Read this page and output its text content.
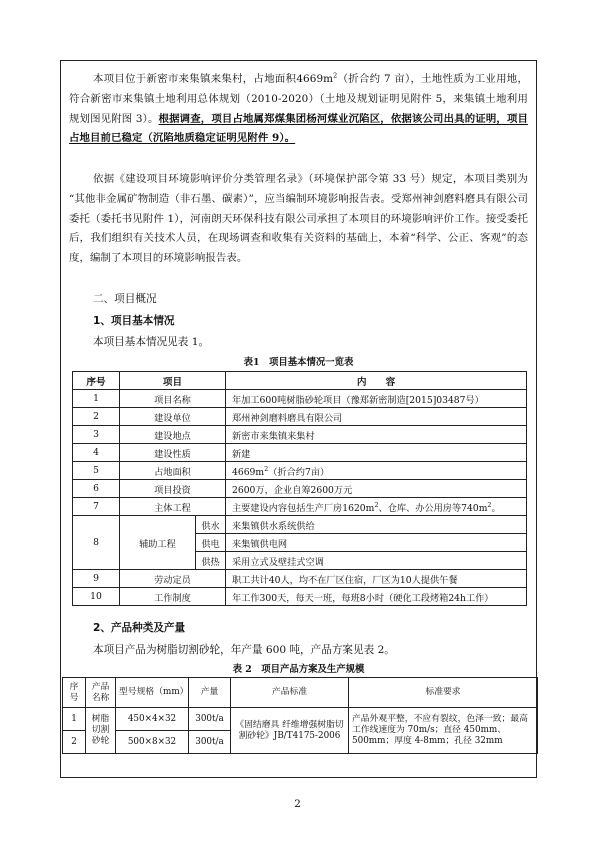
本项目位于新密市来集镇来集村，占地面积$4669m^2$（折合约 7 亩），土地性质为工业用地，符合新密市来集镇土地利用总体规划（2010-2020）（土地及规划证明见附件 5，来集镇土地利用规划图见附图 3）。根据调查，项目占地属郑煤集团杨河煤业沉陷区，依据该公司出具的证明，项目占地目前已稳定（沉陷地质稳定证明见附件 9）。

依据《建设项目环境影响评价分类管理名录》（环境保护部令第 33 号）规定，本项目类别为 “其他非金属矿物制造（非石墨、碳素）”，应当编制环境影响报告表。受郑州神剑磨料磨具有限公司委托（委托书见附件 1），河南朗天环保科技有限公司承担了本项目的环境影响评价工作。接受委托后，我们组织有关技术人员，在现场调查和收集有关资料的基础上，本着“科学、公正、客观”的态度，编制了本项目的环境影响报告表。

二、项目概况

1、项目基本情况

本项目基本情况见表 1。

表1　项目基本情况一览表

序号	项目		内　　容
1	项目名称		年加工600吨树脂砂轮项目（豫郑新密制造[2015]03487号）
2	建设单位		郑州神剑磨料磨具有限公司
3	建设地点		新密市来集镇来集村
4	建设性质		新建
5	占地面积		$4669m^2$（折合约7亩）
6	项目投资		2600万，企业自筹2600万元
7	主体工程		主要建设内容包括生产厂房$1620m^2$、仓库、办公用房等$740m^2$。
8	辅助工程	供水	来集镇供水系统供给
		供电	来集镇供电网
		供热	采用立式及壁挂式空调
9	劳动定员		职工共计40人，均不在厂区住宿，厂区为10人提供午餐
10	工作制度		年工作300天，每天一班，每班8小时（硬化工段烤箱24h工作）

2、产品种类及产量

本项目产品为树脂切割砂轮，年产量 600 吨，产品方案见表 2。

表 2　项目产品方案及生产规模

序号	产品名称	型号规格（mm）	产量	产品标准	标准要求
1	树脂切割砂轮	450×4×32	300t/a	《固结磨具 纤维增强树脂切割砂轮》JB/T4175-2006	产品外观平整，不应有裂纹，色泽一致；最高工作线速度为 70m/s；直径 450mm、500mm；厚度 4-8mm；孔径 32mm
2		500×8×32	300t/a		

2
